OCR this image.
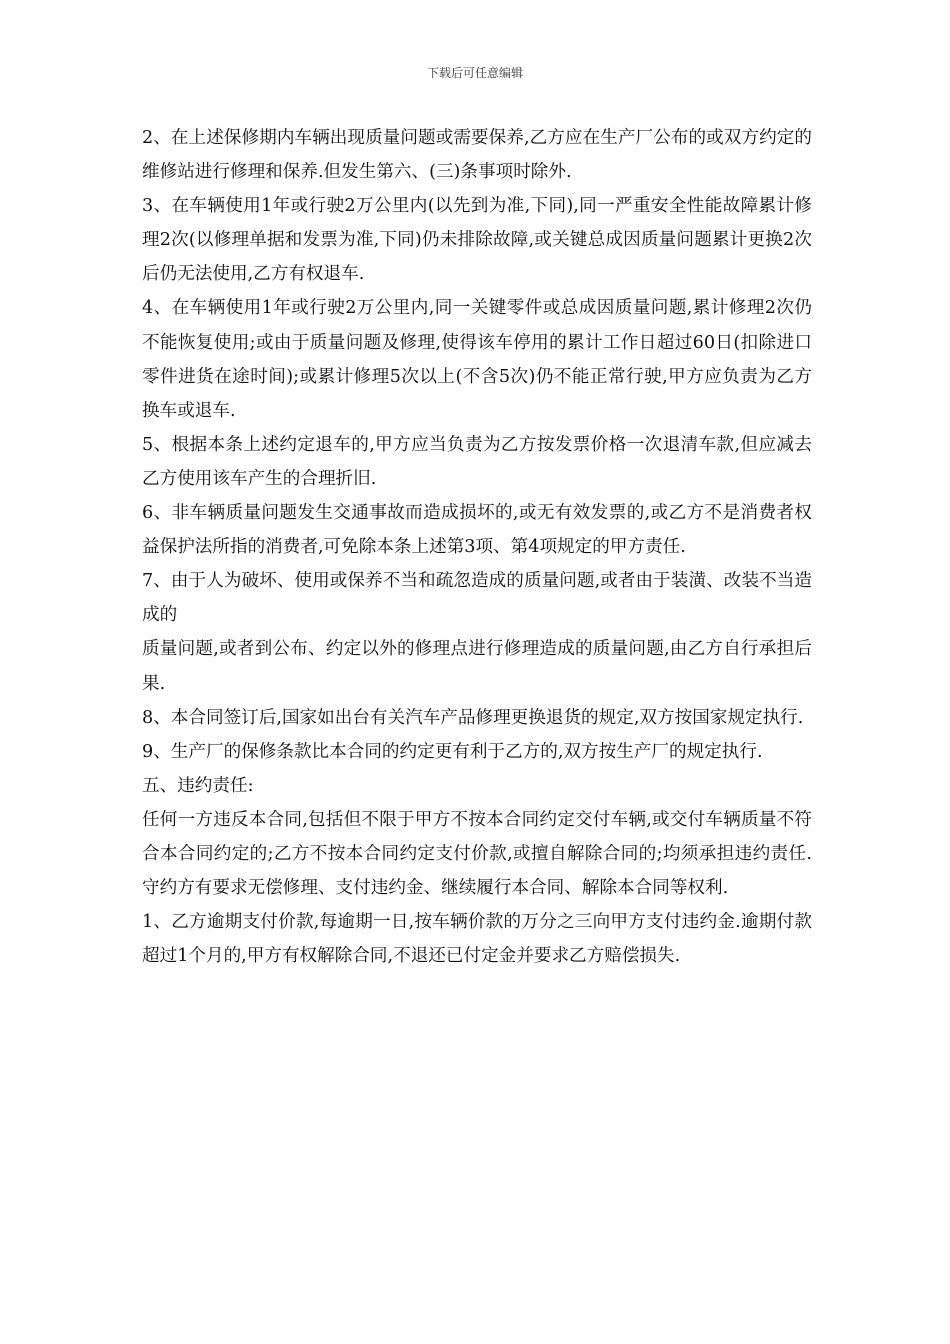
下载后可任意编辑

2、在上述保修期内车辆出现质量问题或需要保养,乙方应在生产厂公布的或双方约定的维修站进行修理和保养.但发生第六、(三)条事项时除外.

3、在车辆使用1年或行驶2万公里内(以先到为准,下同),同一严重安全性能故障累计修理2次(以修理单据和发票为准,下同)仍未排除故障,或关键总成因质量问题累计更换2次后仍无法使用,乙方有权退车.

4、在车辆使用1年或行驶2万公里内,同一关键零件或总成因质量问题,累计修理2次仍不能恢复使用;或由于质量问题及修理,使得该车停用的累计工作日超过60日(扣除进口零件进货在途时间);或累计修理5次以上(不含5次)仍不能正常行驶,甲方应负责为乙方换车或退车.

5、根据本条上述约定退车的,甲方应当负责为乙方按发票价格一次退清车款,但应减去乙方使用该车产生的合理折旧.

6、非车辆质量问题发生交通事故而造成损坏的,或无有效发票的,或乙方不是消费者权益保护法所指的消费者,可免除本条上述第3项、第4项规定的甲方责任.

7、由于人为破坏、使用或保养不当和疏忽造成的质量问题,或者由于装潢、改装不当造成的

质量问题,或者到公布、约定以外的修理点进行修理造成的质量问题,由乙方自行承担后果.

8、本合同签订后,国家如出台有关汽车产品修理更换退货的规定,双方按国家规定执行.

9、生产厂的保修条款比本合同的约定更有利于乙方的,双方按生产厂的规定执行.

五、违约责任:

任何一方违反本合同,包括但不限于甲方不按本合同约定交付车辆,或交付车辆质量不符合本合同约定的;乙方不按本合同约定支付价款,或擅自解除合同的;均须承担违约责任.守约方有要求无偿修理、支付违约金、继续履行本合同、解除本合同等权利.

1、乙方逾期支付价款,每逾期一日,按车辆价款的万分之三向甲方支付违约金.逾期付款超过1个月的,甲方有权解除合同,不退还已付定金并要求乙方赔偿损失.
